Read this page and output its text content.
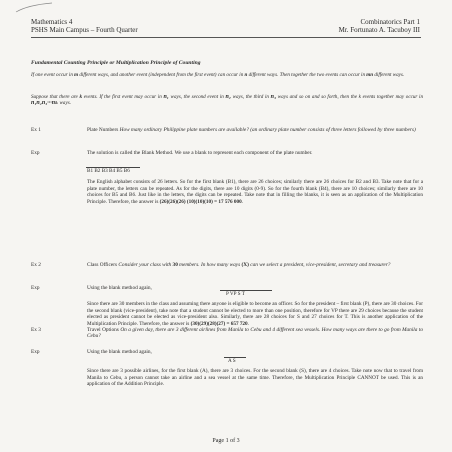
Mathematics 4
PSHS Main Campus – Fourth Quarter
Combinatorics Part 1
Mr. Fortunato A. Tacuboy III
Fundamental Counting Principle or Multiplication Principle of Counting
If one event occur in m different ways, and another event (independent from the first event) can occur in n different ways. Then together the two events can occur in mn different ways.
Suppose that there are k events. If the first event may occur in n₁ ways, the second event in n₂ ways, the third in n₃ ways and so on and so forth, then the k events together may occur in n₁n₂n₃···nₖ ways.
Ex 1	Plate Numbers How many ordinary Philippine plate numbers are available? (an ordinary plate number consists of three letters followed by three numbers)
Exp	The solution is called the Blank Method. We use a blank to represent each component of the plate number.
B1 B2 B3 B4 B5 B6
The English alphabet consists of 26 letters. So for the first blank (B1), there are 26 choices; similarly there are 26 choices for B2 and B3. Take note that for a plate number, the letters can be repeated. As for the digits, there are 10 digits (0-9). So for the fourth blank (B4), there are 10 choices; similarly there are 10 choices for B5 and B6. Just like in the letters, the digits can be repeated. Take note that in filling the blanks, it is seen as an application of the Multiplication Principle. Therefore, the answer is (26)(26)(26) (10)(10)(10) = 17 576 000.
Ex 2	Class Officers Consider your class with 30 members. In how many ways (X) can we select a president, vice-president, secretary and treasurer?
Exp	Using the blank method again,
P VP S T
Since there are 30 members in the class and assuming there anyone is eligible to become an officer. So for the president – first blank (P), there are 30 choices. For the second blank (vice-president), take note that a student cannot be elected to more than one position, therefore for VP there are 29 choices because the student elected as president cannot be elected as vice-president also. Similarly, there are 28 choices for S and 27 choices for T. This is another application of the Multiplication Principle. Therefore, the answer is (30)(29)(28)(27) = 657 720.
Ex 3	Travel Options On a given day, there are 3 different airlines from Manila to Cebu and 4 different sea vessels. How many ways are there to go from Manila to Cebu?
Exp	Using the blank method again,
A S
Since there are 3 possible airlines, for the first blank (A), there are 3 choices. For the second blank (S), there are 4 choices. Take note now that to travel from Manila to Cebu, a person cannot take an airline and a sea vessel at the same time. Therefore, the Multiplication Principle CANNOT be used. This is an application of the Addition Principle.
Page 1 of 3
